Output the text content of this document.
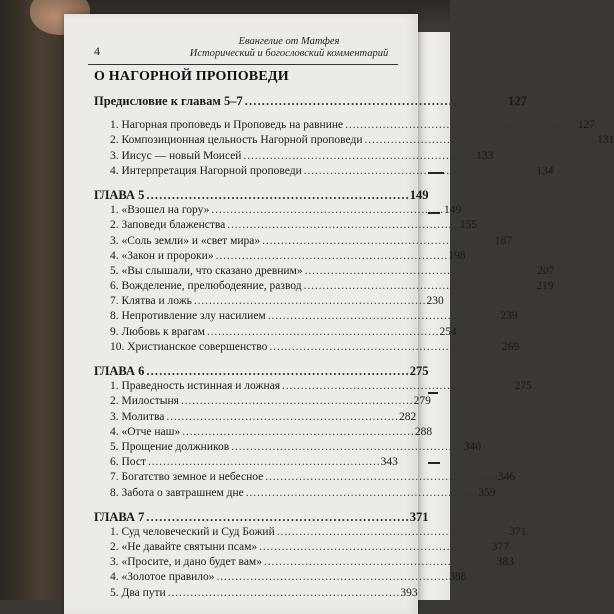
4
Евангелие от Матфея
Исторический и богословский комментарий
О НАГОРНОЙ ПРОПОВЕДИ
Предисловие к главам 5–7 . . .	127
1. Нагорная проповедь и Проповедь на равнине . . .	127
2. Композиционная цельность Нагорной проповеди . . .	131
3. Иисус — новый Моисей . . .	133
4. Интерпретация Нагорной проповеди . . .	134
ГЛАВА 5 . . .	149
1. «Взошел на гору» . . .	149
2. Заповеди блаженства . . .	155
3. «Соль земли» и «свет мира» . . .	187
4. «Закон и пророки» . . .	198
5. «Вы слышали, что сказано древним» . . .	207
6. Вожделение, прелюбодеяние, развод . . .	219
7. Клятва и ложь . . .	230
8. Непротивление злу насилием . . .	239
9. Любовь к врагам . . .	254
10. Христианское совершенство . . .	269
ГЛАВА 6 . . .	275
1. Праведность истинная и ложная . . .	275
2. Милостыня . . .	279
3. Молитва . . .	282
4. «Отче наш» . . .	288
5. Прощение должников . . .	340
6. Пост . . .	343
7. Богатство земное и небесное . . .	346
8. Забота о завтрашнем дне . . .	359
ГЛАВА 7 . . .	371
1. Суд человеческий и Суд Божий . . .	371
2. «Не давайте святыни псам» . . .	377
3. «Просите, и дано будет вам» . . .	383
4. «Золотое правило» . . .	388
5. Два пути . . .	393
